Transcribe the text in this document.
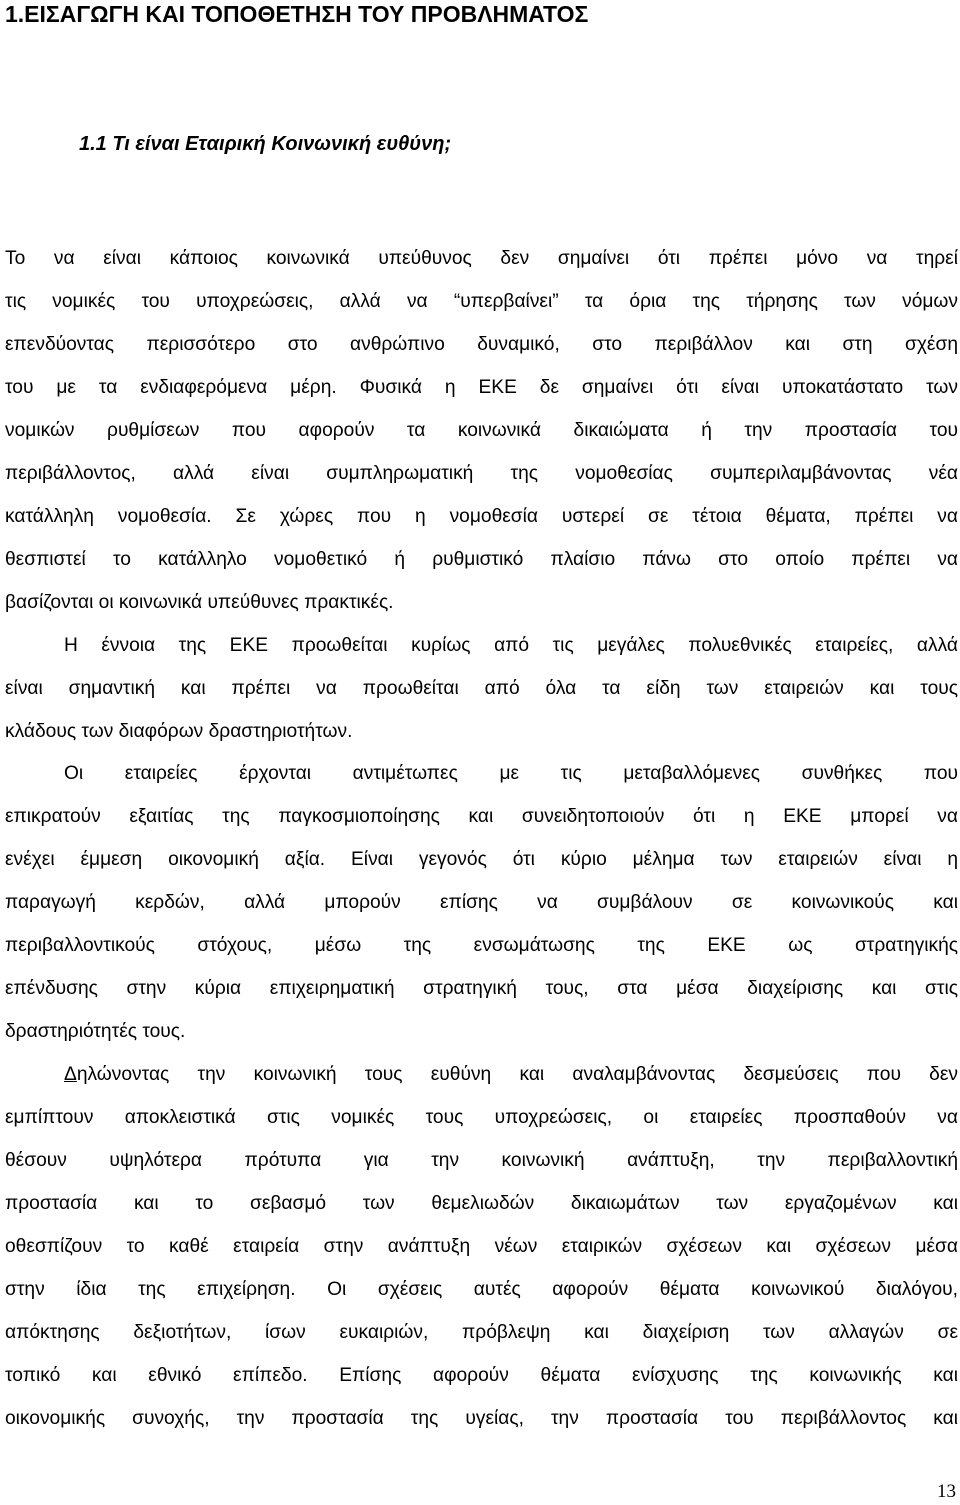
1.ΕΙΣΑΓΩΓΗ ΚΑΙ ΤΟΠΟΘΕΤΗΣΗ ΤΟΥ ΠΡΟΒΛΗΜΑΤΟΣ
1.1 Τι είναι Εταιρική Κοινωνική ευθύνη;
Το να είναι κάποιος κοινωνικά υπεύθυνος δεν σημαίνει ότι πρέπει μόνο να τηρεί
τις νομικές του υποχρεώσεις, αλλά να “υπερβαίνει” τα όρια της τήρησης των νόμων
επενδύοντας περισσότερο στο ανθρώπινο δυναμικό, στο περιβάλλον και στη σχέση
του με τα ενδιαφερόμενα μέρη. Φυσικά η ΕΚΕ δε σημαίνει ότι είναι υποκατάστατο των
νομικών ρυθμίσεων που αφορούν τα κοινωνικά δικαιώματα ή την προστασία του
περιβάλλοντος, αλλά είναι συμπληρωματική της νομοθεσίας συμπεριλαμβάνοντας νέα
κατάλληλη νομοθεσία. Σε χώρες που η νομοθεσία υστερεί σε τέτοια θέματα, πρέπει να
θεσπιστεί το κατάλληλο νομοθετικό ή ρυθμιστικό πλαίσιο πάνω στο οποίο πρέπει να
βασίζονται οι κοινωνικά υπεύθυνες πρακτικές.
Η έννοια της ΕΚΕ προωθείται κυρίως από τις μεγάλες πολυεθνικές εταιρείες, αλλά
είναι σημαντική και πρέπει να προωθείται από όλα τα είδη των εταιρειών και τους
κλάδους των διαφόρων δραστηριοτήτων.
Οι εταιρείες έρχονται αντιμέτωπες με τις μεταβαλλόμενες συνθήκες που
επικρατούν εξαιτίας της παγκοσμιοποίησης και συνειδητοποιούν ότι η ΕΚΕ μπορεί να
ενέχει έμμεση οικονομική αξία. Είναι γεγονός ότι κύριο μέλημα των εταιρειών είναι η
παραγωγή κερδών, αλλά μπορούν επίσης να συμβάλουν σε κοινωνικούς και
περιβαλλοντικούς στόχους, μέσω της ενσωμάτωσης της ΕΚΕ ως στρατηγικής
επένδυσης στην κύρια επιχειρηματική στρατηγική τους, στα μέσα διαχείρισης και στις
δραστηριότητές τους.
Δηλώνοντας την κοινωνική τους ευθύνη και αναλαμβάνοντας δεσμεύσεις που δεν
εμπίπτουν αποκλειστικά στις νομικές τους υποχρεώσεις, οι εταιρείες προσπαθούν να
θέσουν υψηλότερα πρότυπα για την κοινωνική ανάπτυξη, την περιβαλλοντική
προστασία και το σεβασμό των θεμελιωδών δικαιωμάτων των εργαζομένων και
οθεσπίζουν το καθέ εταιρεία στην ανάπτυξη νέων εταιρικών σχέσεων και σχέσεων μέσα
στην ίδια της επιχείρηση. Οι σχέσεις αυτές αφορούν θέματα κοινωνικού διαλόγου,
απόκτησης δεξιοτήτων, ίσων ευκαιριών, πρόβλεψη και διαχείριση των αλλαγών σε
τοπικό και εθνικό επίπεδο. Επίσης αφορούν θέματα ενίσχυσης της κοινωνικής και
οικονομικής συνοχής, την προστασία της υγείας, την προστασία του περιβάλλοντος και
13
